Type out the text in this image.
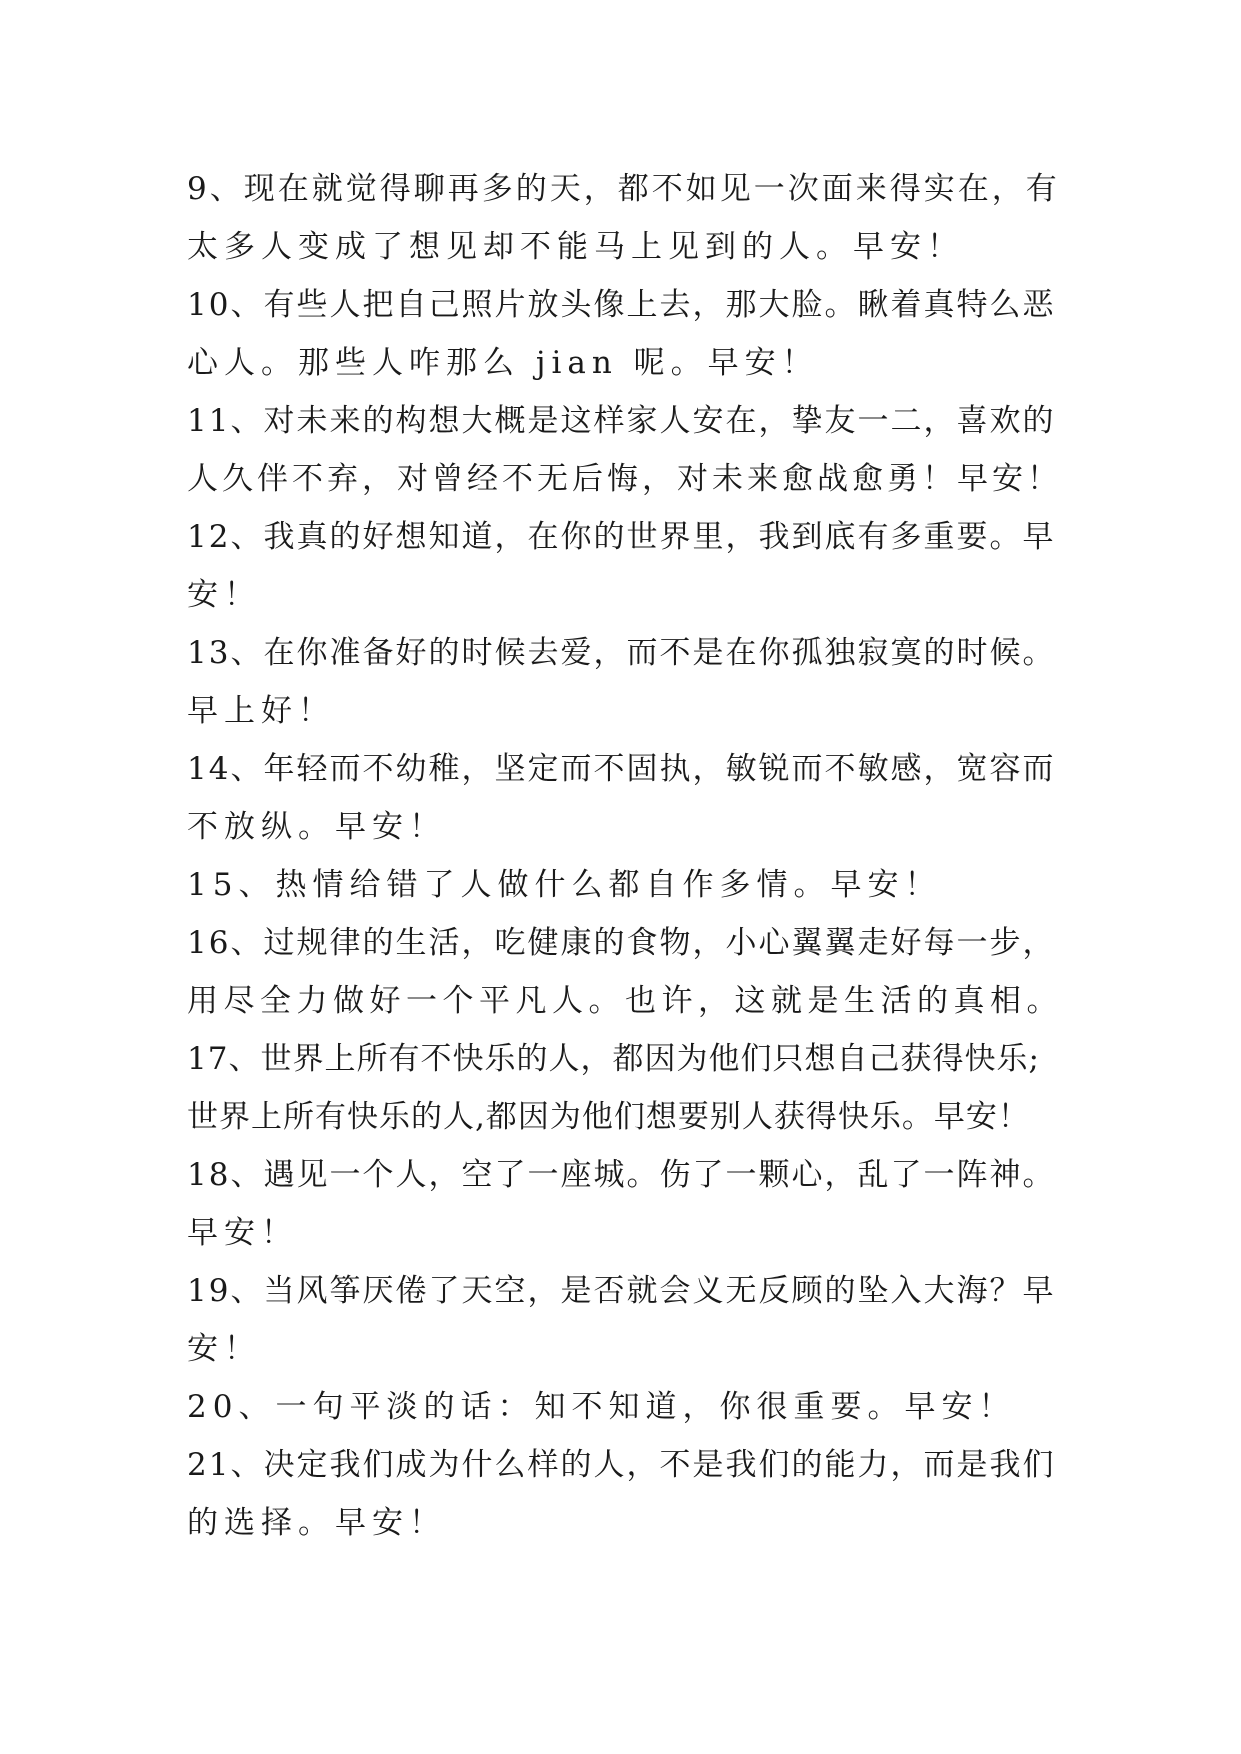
9、现在就觉得聊再多的天，都不如见一次面来得实在，有
太多人变成了想见却不能马上见到的人。早安！
10、有些人把自己照片放头像上去，那大脸。瞅着真特么恶
心人。那些人咋那么 jian 呢。早安！
11、对未来的构想大概是这样家人安在，挚友一二，喜欢的
人久伴不弃，对曾经不无后悔，对未来愈战愈勇！早安！
12、我真的好想知道，在你的世界里，我到底有多重要。早
安！
13、在你准备好的时候去爱，而不是在你孤独寂寞的时候。
早上好！
14、年轻而不幼稚，坚定而不固执，敏锐而不敏感，宽容而
不放纵。早安！
15、热情给错了人做什么都自作多情。早安！
16、过规律的生活，吃健康的食物，小心翼翼走好每一步，
用尽全力做好一个平凡人。也许，这就是生活的真相。
17、世界上所有不快乐的人，都因为他们只想自己获得快乐;
世界上所有快乐的人,都因为他们想要别人获得快乐。早安！
18、遇见一个人，空了一座城。伤了一颗心，乱了一阵神。
早安！
19、当风筝厌倦了天空，是否就会义无反顾的坠入大海？早
安！
20、一句平淡的话：知不知道，你很重要。早安！
21、决定我们成为什么样的人，不是我们的能力，而是我们
的选择。早安！
